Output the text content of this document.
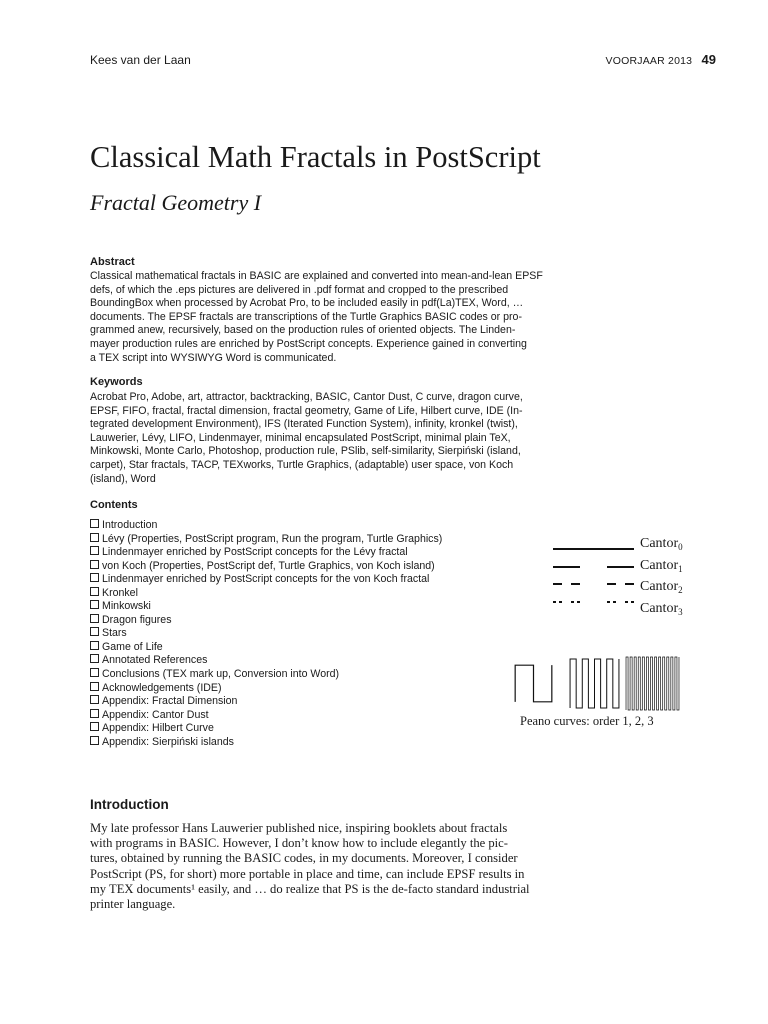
Kees van der Laan	VOORJAAR 2013 49
Classical Math Fractals in PostScript
Fractal Geometry I
Abstract
Classical mathematical fractals in BASIC are explained and converted into mean-and-lean EPSF
defs, of which the .eps pictures are delivered in .pdf format and cropped to the prescribed
BoundingBox when processed by Acrobat Pro, to be included easily in pdf(La)TEX, Word, …
documents. The EPSF fractals are transcriptions of the Turtle Graphics BASIC codes or pro-
grammed anew, recursively, based on the production rules of oriented objects. The Linden-
mayer production rules are enriched by PostScript concepts. Experience gained in converting
a TEX script into WYSIWYG Word is communicated.
Keywords
Acrobat Pro, Adobe, art, attractor, backtracking, BASIC, Cantor Dust, C curve, dragon curve,
EPSF, FIFO, fractal, fractal dimension, fractal geometry, Game of Life, Hilbert curve, IDE (In-
tegrated development Environment), IFS (Iterated Function System), infinity, kronkel (twist),
Lauwerier, Lévy, LIFO, Lindenmayer, minimal encapsulated PostScript, minimal plain TeX,
Minkowski, Monte Carlo, Photoshop, production rule, PSlib, self-similarity, Sierpiński (island,
carpet), Star fractals, TACP, TEXworks, Turtle Graphics, (adaptable) user space, von Koch
(island), Word
Contents
Introduction
Lévy (Properties, PostScript program, Run the program, Turtle Graphics)
Lindenmayer enriched by PostScript concepts for the Lévy fractal
von Koch (Properties, PostScript def, Turtle Graphics, von Koch island)
Lindenmayer enriched by PostScript concepts for the von Koch fractal
Kronkel
Minkowski
Dragon figures
Stars
Game of Life
Annotated References
Conclusions (TEX mark up, Conversion into Word)
Acknowledgements (IDE)
Appendix: Fractal Dimension
Appendix: Cantor Dust
Appendix: Hilbert Curve
Appendix: Sierpiński islands
Cantor$_0$
Cantor$_1$
Cantor$_2$
Cantor$_3$
Peano curves: order 1, 2, 3
Introduction
My late professor Hans Lauwerier published nice, inspiring booklets about fractals
with programs in BASIC. However, I don’t know how to include elegantly the pic-
tures, obtained by running the BASIC codes, in my documents. Moreover, I consider
PostScript (PS, for short) more portable in place and time, can include EPSF results in
my TEX documents¹ easily, and … do realize that PS is the de-facto standard industrial
printer language.
